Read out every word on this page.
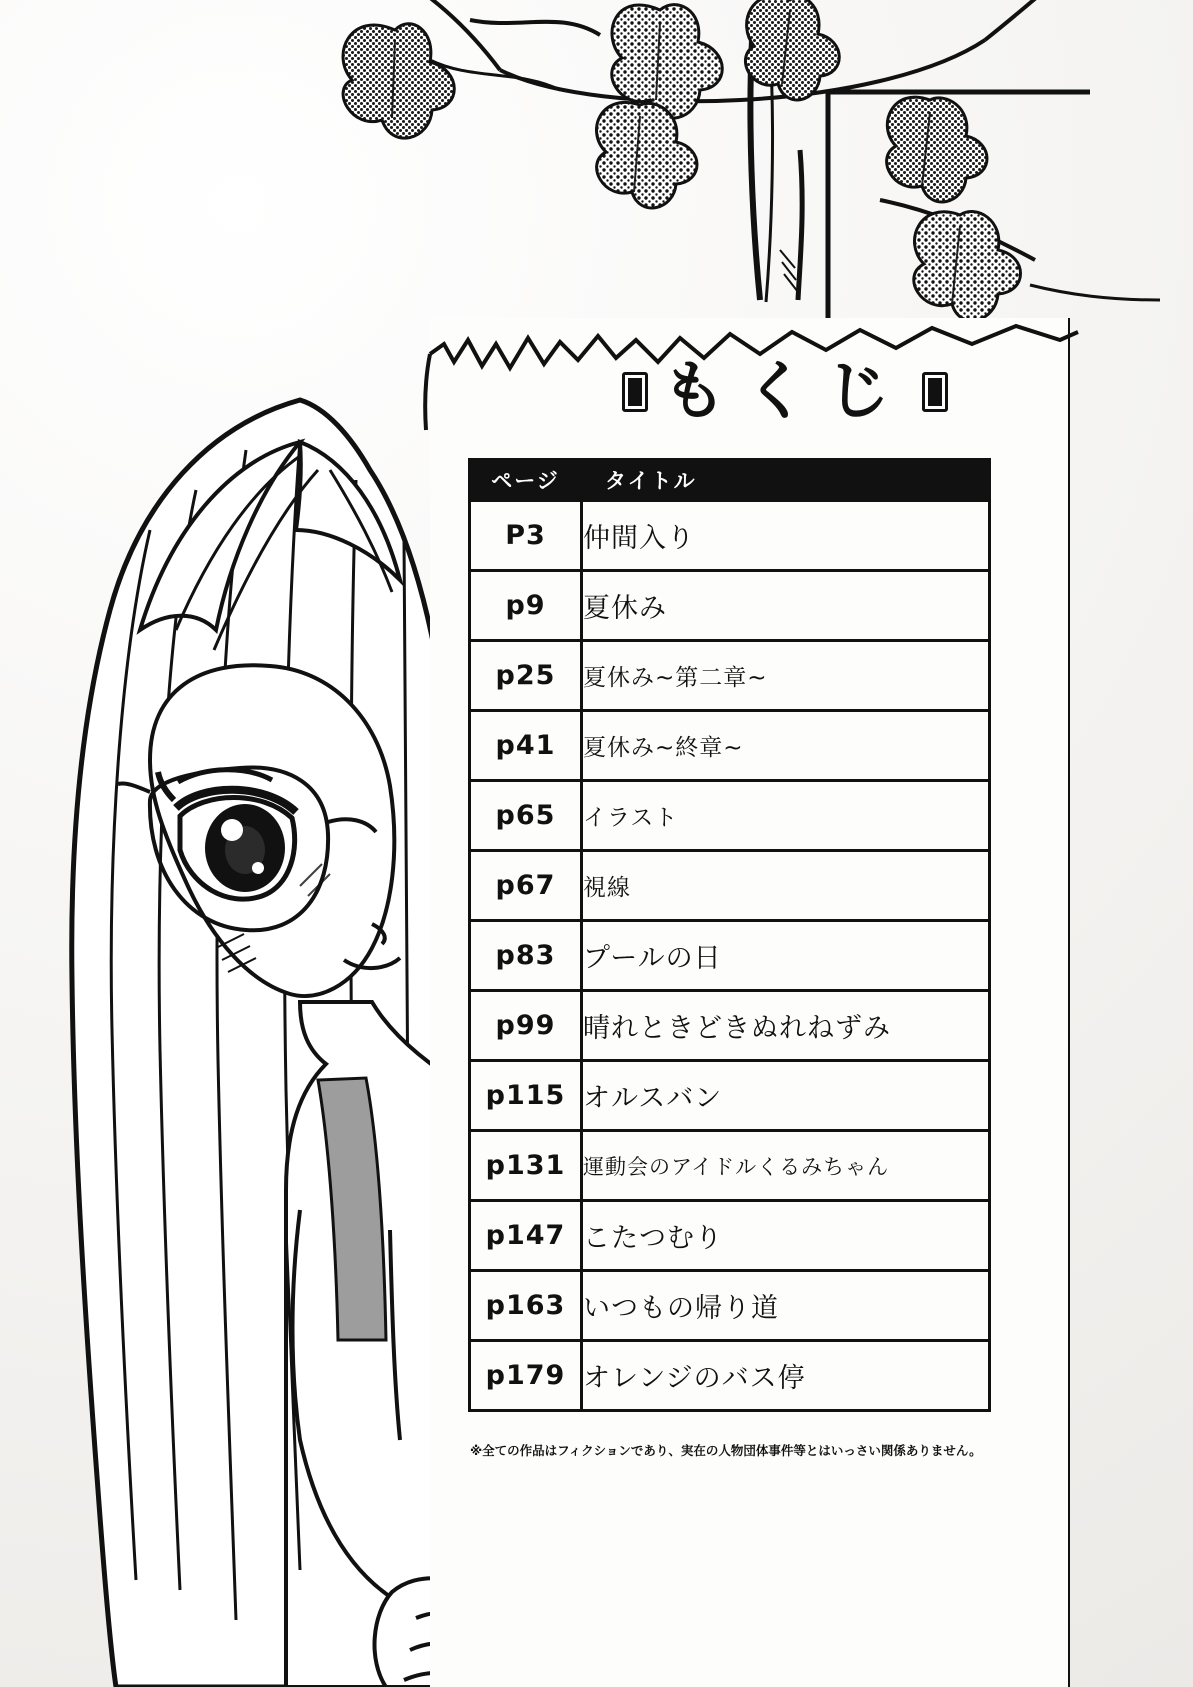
もくじ
ページ	タイトル

P3	仲間入り
p9	夏休み
p25	夏休み~第二章~
p41	夏休み~終章~
p65	イラスト
p67	視線
p83	プールの日
p99	晴れときどきぬれねずみ
p115	オルスバン
p131	運動会のアイドルくるみちゃん
p147	こたつむり
p163	いつもの帰り道
p179	オレンジのバス停
※全ての作品はフィクションであり、実在の人物団体事件等とはいっさい関係ありません。
